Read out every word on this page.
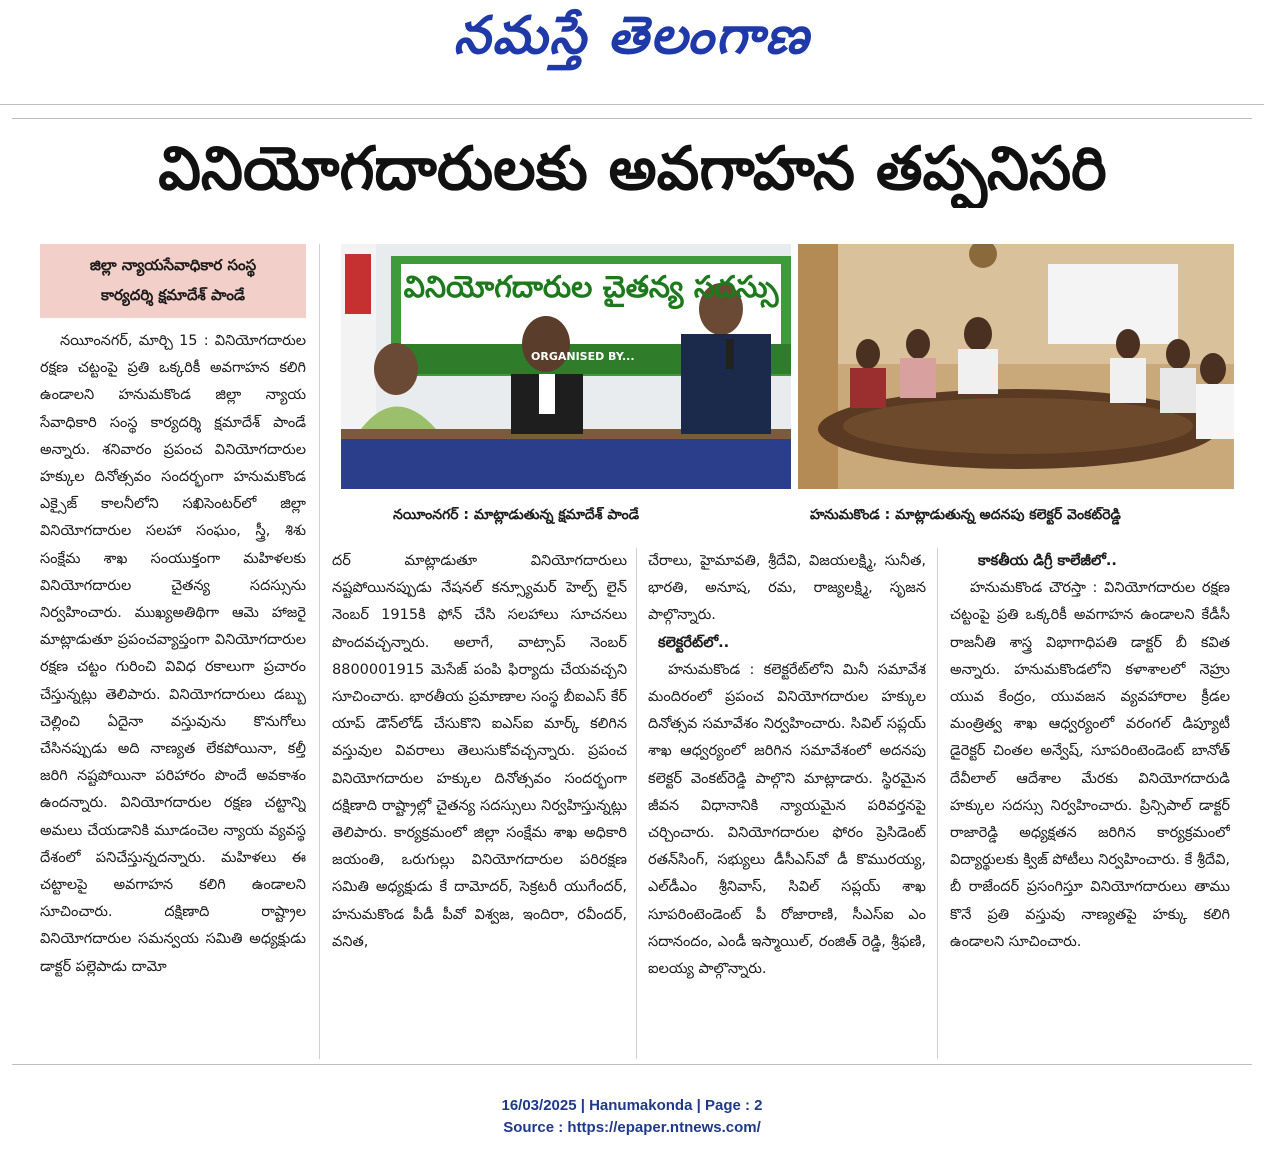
నమస్తే తెలంగాణ
వినియోగదారులకు అవగాహన తప్పనిసరి
జిల్లా న్యాయసేవాధికార సంస్థ
కార్యదర్శి క్షమాదేశ్ పాండే	వినియోగదారుల చైతన్య సదస్సు
ORGANISED BY...
నయీంనగర్ : మాట్లాడుతున్న క్షమాదేశ్ పాండే	హనుమకొండ : మాట్లాడుతున్న అదనపు కలెక్టర్ వెంకట్‌రెడ్డి

నయీంనగర్, మార్చి 15 : వినియోగదారుల రక్షణ చట్టంపై ప్రతి ఒక్కరికీ అవగాహన కలిగి ఉండాలని హనుమకొండ జిల్లా న్యాయ సేవాధికారి సంస్థ కార్యదర్శి క్షమాదేశ్ పాండే అన్నారు. శనివారం ప్రపంచ వినియోగదారుల హక్కుల దినోత్సవం సందర్భంగా హనుమకొండ ఎక్సైజ్ కాలనీలోని సఖిసెంటర్‌లో జిల్లా వినియోగదారుల సలహా సంఘం, స్త్రీ, శిశు సంక్షేమ శాఖ సంయుక్తంగా మహిళలకు వినియోగదారుల చైతన్య సదస్సును నిర్వహించారు. ముఖ్యఅతిథిగా ఆమె హాజరై మాట్లాడుతూ ప్రపంచవ్యాప్తంగా వినియోగదారుల రక్షణ చట్టం గురించి వివిధ రకాలుగా ప్రచారం చేస్తున్నట్లు తెలిపారు. వినియోగదారులు డబ్బు చెల్లించి ఏదైనా వస్తువును కొనుగోలు చేసినప్పుడు అది నాణ్యత లేకపోయినా, కల్తీ జరిగి నష్టపోయినా పరిహారం పొందే అవకాశం ఉందన్నారు. వినియోగదారుల రక్షణ చట్టాన్ని అమలు చేయడానికి మూడంచెల న్యాయ వ్యవస్థ దేశంలో పనిచేస్తున్నదన్నారు. మహిళలు ఈ చట్టాలపై అవగాహన కలిగి ఉండాలని సూచించారు. దక్షిణాది రాష్ట్రాల వినియోగదారుల సమన్వయ సమితి అధ్యక్షుడు డాక్టర్ పల్లెపాడు దామో

దర్ మాట్లాడుతూ వినియోగదారులు నష్టపోయినప్పుడు నేషనల్ కన్స్యూమర్ హెల్ప్ లైన్ నెంబర్ 1915కి ఫోన్ చేసి సలహాలు సూచనలు పొందవచ్చన్నారు. అలాగే, వాట్సాప్ నెంబర్ 8800001915 మెసేజ్ పంపి ఫిర్యాదు చేయవచ్చని సూచించారు. భారతీయ ప్రమాణాల సంస్థ బీఐఎస్ కేర్ యాప్ డౌన్‌లోడ్ చేసుకొని ఐఎస్ఐ మార్క్ కలిగిన వస్తువుల వివరాలు తెలుసుకోవచ్చన్నారు. ప్రపంచ వినియోగదారుల హక్కుల దినోత్సవం సందర్భంగా దక్షిణాది రాష్ట్రాల్లో చైతన్య సదస్సులు నిర్వహిస్తున్నట్లు తెలిపారు. కార్యక్రమంలో జిల్లా సంక్షేమ శాఖ అధికారి జయంతి, ఒరుగుల్లు వినియోగదారుల పరిరక్షణ సమితి అధ్యక్షుడు కే దామోదర్, సెక్రటరీ యుగేందర్, హనుమకొండ పీడీ పీవో విశ్వజ, ఇందిరా, రవీందర్, వనిత,

చేరాలు, హైమావతి, శ్రీదేవి, విజయలక్ష్మి, సునీత, భారతి, అనూష, రమ, రాజ్యలక్ష్మి, సృజన పాల్గొన్నారు.

కలెక్టరేట్‌లో..

హనుమకొండ : కలెక్టరేట్‌లోని మినీ సమావేశ మందిరంలో ప్రపంచ వినియోగదారుల హక్కుల దినోత్సవ సమావేశం నిర్వహించారు. సివిల్ సప్లయ్ శాఖ ఆధ్వర్యంలో జరిగిన సమావేశంలో అదనపు కలెక్టర్ వెంకట్‌రెడ్డి పాల్గొని మాట్లాడారు. స్థిరమైన జీవన విధానానికి న్యాయమైన పరివర్తనపై చర్చించారు. వినియోగదారుల ఫోరం ప్రెసిడెంట్ రతన్‌సింగ్, సభ్యులు డీసీఎస్‌వో డీ కొమురయ్య, ఎల్‌డీఎం శ్రీనివాస్, సివిల్ సప్లయ్ శాఖ సూపరింటెండెంట్ పీ రోజారాణి, సీఎస్‌ఐ ఎం సదానందం, ఎండీ ఇస్మాయిల్, రంజిత్ రెడ్డి, శ్రీఫణి, ఐలయ్య పాల్గొన్నారు.

కాకతీయ డిగ్రీ కాలేజీలో..

హనుమకొండ చౌరస్తా : వినియోగదారుల రక్షణ చట్టంపై ప్రతి ఒక్కరికీ అవగాహన ఉండాలని కేడీసీ రాజనీతి శాస్త్ర విభాగాధిపతి డాక్టర్ బీ కవిత అన్నారు. హనుమకొండలోని కళాశాలలో నెహ్రు యువ కేంద్రం, యువజన వ్యవహారాల క్రీడల మంత్రిత్వ శాఖ ఆధ్వర్యంలో వరంగల్ డిప్యూటీ డైరెక్టర్ చింతల అన్వేష్, సూపరింటెండెంట్ బానోత్ దేవీలాల్ ఆదేశాల మేరకు వినియోగదారుడి హక్కుల సదస్సు నిర్వహించారు. ప్రిన్సిపాల్ డాక్టర్ రాజారెడ్డి అధ్యక్షతన జరిగిన కార్యక్రమంలో విద్యార్థులకు క్విజ్ పోటీలు నిర్వహించారు. కే శ్రీదేవి, బీ రాజేందర్ ప్రసంగిస్తూ వినియోగదారులు తాము కొనే ప్రతి వస్తువు నాణ్యతపై హక్కు కలిగి ఉండాలని సూచించారు.

16/03/2025 | Hanumakonda | Page : 2
Source : https://epaper.ntnews.com/
